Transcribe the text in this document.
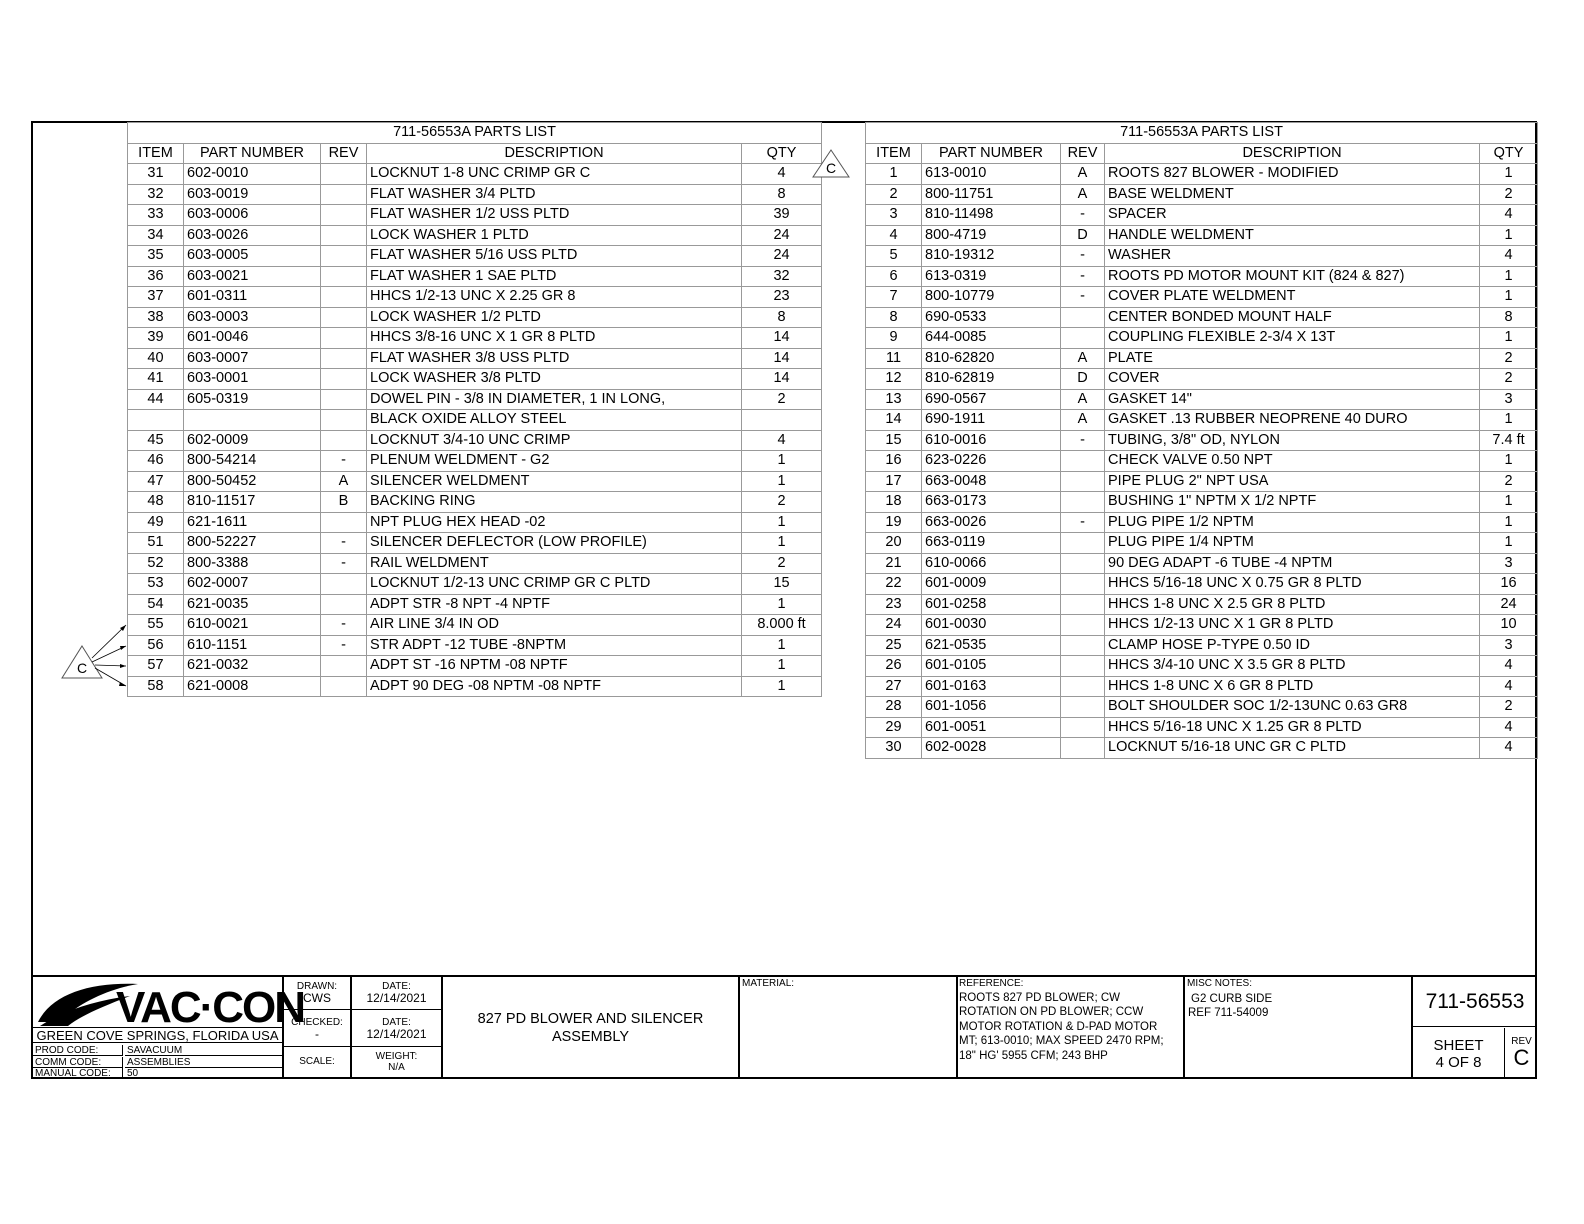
711-56553A PARTS LIST				
ITEM	PART NUMBER	REV	DESCRIPTION	QTY
31	602-0010		LOCKNUT 1-8 UNC CRIMP GR C	4
32	603-0019		FLAT WASHER 3/4 PLTD	8
33	603-0006		FLAT WASHER 1/2 USS PLTD	39
34	603-0026		LOCK WASHER 1 PLTD	24
35	603-0005		FLAT WASHER 5/16 USS PLTD	24
36	603-0021		FLAT WASHER 1 SAE PLTD	32
37	601-0311		HHCS 1/2-13 UNC X 2.25 GR 8	23
38	603-0003		LOCK WASHER 1/2 PLTD	8
39	601-0046		HHCS 3/8-16 UNC X 1 GR 8 PLTD	14
40	603-0007		FLAT WASHER 3/8 USS PLTD	14
41	603-0001		LOCK WASHER 3/8 PLTD	14
44	605-0319		DOWEL PIN - 3/8 IN DIAMETER, 1 IN LONG,	2
			BLACK OXIDE ALLOY STEEL	
45	602-0009		LOCKNUT 3/4-10 UNC CRIMP	4
46	800-54214	-	PLENUM WELDMENT - G2	1
47	800-50452	A	SILENCER WELDMENT	1
48	810-11517	B	BACKING RING	2
49	621-1611		NPT PLUG HEX HEAD -02	1
51	800-52227	-	SILENCER DEFLECTOR (LOW PROFILE)	1
52	800-3388	-	RAIL WELDMENT	2
53	602-0007		LOCKNUT 1/2-13 UNC CRIMP GR C PLTD	15
54	621-0035		ADPT STR -8 NPT -4 NPTF	1
55	610-0021	-	AIR LINE 3/4 IN OD	8.000 ft
56	610-1151	-	STR ADPT -12 TUBE -8NPTM	1
57	621-0032		ADPT ST -16 NPTM -08 NPTF	1
58	621-0008		ADPT 90 DEG -08 NPTM -08 NPTF	1
711-56553A PARTS LIST				
ITEM	PART NUMBER	REV	DESCRIPTION	QTY
1	613-0010	A	ROOTS 827 BLOWER - MODIFIED	1
2	800-11751	A	BASE WELDMENT	2
3	810-11498	-	SPACER	4
4	800-4719	D	HANDLE WELDMENT	1
5	810-19312	-	WASHER	4
6	613-0319	-	ROOTS PD MOTOR MOUNT KIT (824 & 827)	1
7	800-10779	-	COVER PLATE WELDMENT	1
8	690-0533		CENTER BONDED MOUNT HALF	8
9	644-0085		COUPLING FLEXIBLE 2-3/4 X 13T	1
11	810-62820	A	PLATE	2
12	810-62819	D	COVER	2
13	690-0567	A	GASKET 14"	3
14	690-1911	A	GASKET .13 RUBBER NEOPRENE 40 DURO	1
15	610-0016	-	TUBING, 3/8" OD, NYLON	7.4 ft
16	623-0226		CHECK VALVE 0.50 NPT	1
17	663-0048		PIPE PLUG 2" NPT USA	2
18	663-0173		BUSHING 1" NPTM X 1/2 NPTF	1
19	663-0026	-	PLUG PIPE 1/2 NPTM	1
20	663-0119		PLUG PIPE 1/4 NPTM	1
21	610-0066		90 DEG ADAPT -6 TUBE -4 NPTM	3
22	601-0009		HHCS 5/16-18 UNC X 0.75 GR 8 PLTD	16
23	601-0258		HHCS 1-8 UNC X 2.5 GR 8 PLTD	24
24	601-0030		HHCS 1/2-13 UNC X 1 GR 8 PLTD	10
25	621-0535		CLAMP HOSE P-TYPE 0.50 ID	3
26	601-0105		HHCS 3/4-10 UNC X 3.5 GR 8 PLTD	4
27	601-0163		HHCS 1-8 UNC X 6 GR 8 PLTD	4
28	601-1056		BOLT SHOULDER SOC 1/2-13UNC 0.63 GR8	2
29	601-0051		HHCS 5/16-18 UNC X 1.25 GR 8 PLTD	4
30	602-0028		LOCKNUT 5/16-18 UNC GR C PLTD	4
C
C
VAC·CON
GREEN COVE SPRINGS, FLORIDA USA
PROD CODE:	SAVACUUM
COMM CODE:	ASSEMBLIES
MANUAL CODE:	50
DRAWN:
CWS
CHECKED:
-
SCALE:
DATE:
12/14/2021
DATE:
12/14/2021
WEIGHT:
N/A
827 PD BLOWER AND SILENCER
ASSEMBLY
MATERIAL:	REFERENCE:
ROOTS 827 PD BLOWER; CW
ROTATION ON PD BLOWER; CCW
MOTOR ROTATION & D-PAD MOTOR
MT; 613-0010; MAX SPEED 2470 RPM;
18" HG' 5955 CFM; 243 BHP
MISC NOTES:
G2 CURB SIDE
REF 711-54009
711-56553
SHEET
4 OF 8
REV
C
